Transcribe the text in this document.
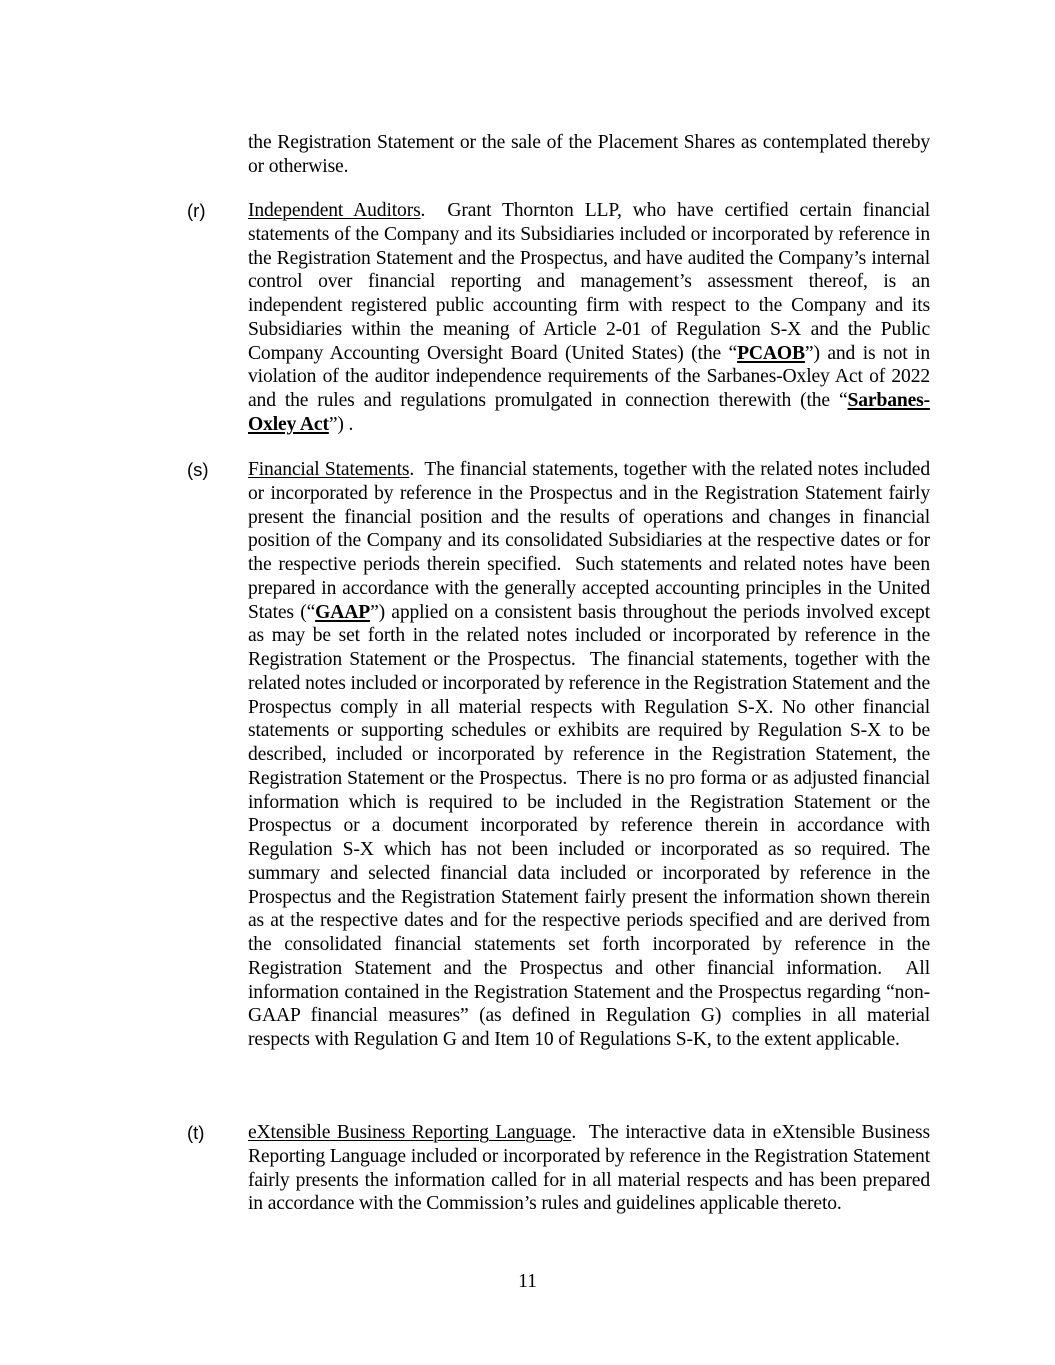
the Registration Statement or the sale of the Placement Shares as contemplated thereby or otherwise.

(r) Independent Auditors.  Grant Thornton LLP, who have certified certain financial statements of the Company and its Subsidiaries included or incorporated by reference in the Registration Statement and the Prospectus, and have audited the Company’s internal control over financial reporting and management’s assessment thereof, is an independent registered public accounting firm with respect to the Company and its Subsidiaries within the meaning of Article 2-01 of Regulation S-X and the Public Company Accounting Oversight Board (United States) (the “PCAOB”) and is not in violation of the auditor independence requirements of the Sarbanes-Oxley Act of 2022 and the rules and regulations promulgated in connection therewith (the “Sarbanes-Oxley Act”) .

(s) Financial Statements.  The financial statements, together with the related notes included or incorporated by reference in the Prospectus and in the Registration Statement fairly present the financial position and the results of operations and changes in financial position of the Company and its consolidated Subsidiaries at the respective dates or for the respective periods therein specified.  Such statements and related notes have been prepared in accordance with the generally accepted accounting principles in the United States (“GAAP”) applied on a consistent basis throughout the periods involved except as may be set forth in the related notes included or incorporated by reference in the Registration Statement or the Prospectus.  The financial statements, together with the related notes included or incorporated by reference in the Registration Statement and the Prospectus comply in all material respects with Regulation S-X. No other financial statements or supporting schedules or exhibits are required by Regulation S-X to be described, included or incorporated by reference in the Registration Statement, the Registration Statement or the Prospectus.  There is no pro forma or as adjusted financial information which is required to be included in the Registration Statement or the Prospectus or a document incorporated by reference therein in accordance with Regulation S-X which has not been included or incorporated as so required. The summary and selected financial data included or incorporated by reference in the Prospectus and the Registration Statement fairly present the information shown therein as at the respective dates and for the respective periods specified and are derived from the consolidated financial statements set forth incorporated by reference in the Registration Statement and the Prospectus and other financial information.  All information contained in the Registration Statement and the Prospectus regarding “non-GAAP financial measures” (as defined in Regulation G) complies in all material respects with Regulation G and Item 10 of Regulations S-K, to the extent applicable.

(t) eXtensible Business Reporting Language.  The interactive data in eXtensible Business Reporting Language included or incorporated by reference in the Registration Statement fairly presents the information called for in all material respects and has been prepared in accordance with the Commission’s rules and guidelines applicable thereto.

11
